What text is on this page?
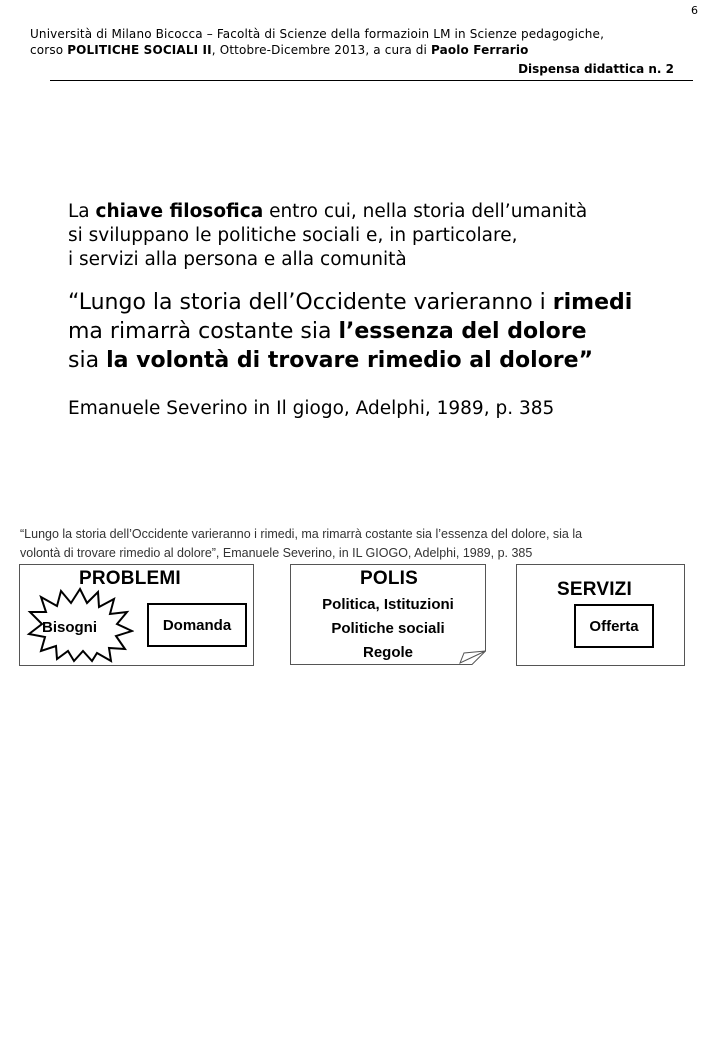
6
Università di Milano Bicocca – Facoltà di Scienze della formazioin LM in Scienze pedagogiche,
corso POLITICHE SOCIALI II, Ottobre-Dicembre 2013, a cura di Paolo Ferrario
Dispensa didattica n. 2
La chiave filosofica entro cui, nella storia dell’umanità
si sviluppano le politiche sociali e, in particolare,
i servizi alla persona e alla comunità
“Lungo la storia dell’Occidente varieranno i rimedi
ma rimarrà costante sia l’essenza del dolore
sia la volontà di trovare rimedio al dolore”
Emanuele Severino in Il giogo, Adelphi, 1989, p. 385
“Lungo la storia dell’Occidente varieranno i rimedi, ma rimarrà costante sia l’essenza del dolore, sia la
volontà di trovare rimedio al dolore”, Emanuele Severino, in IL GIOGO, Adelphi, 1989, p. 385
PROBLEMI
Bisogni	Domanda
POLIS
Politica, Istituzioni
Politiche sociali
Regole
SERVIZI
Offerta
